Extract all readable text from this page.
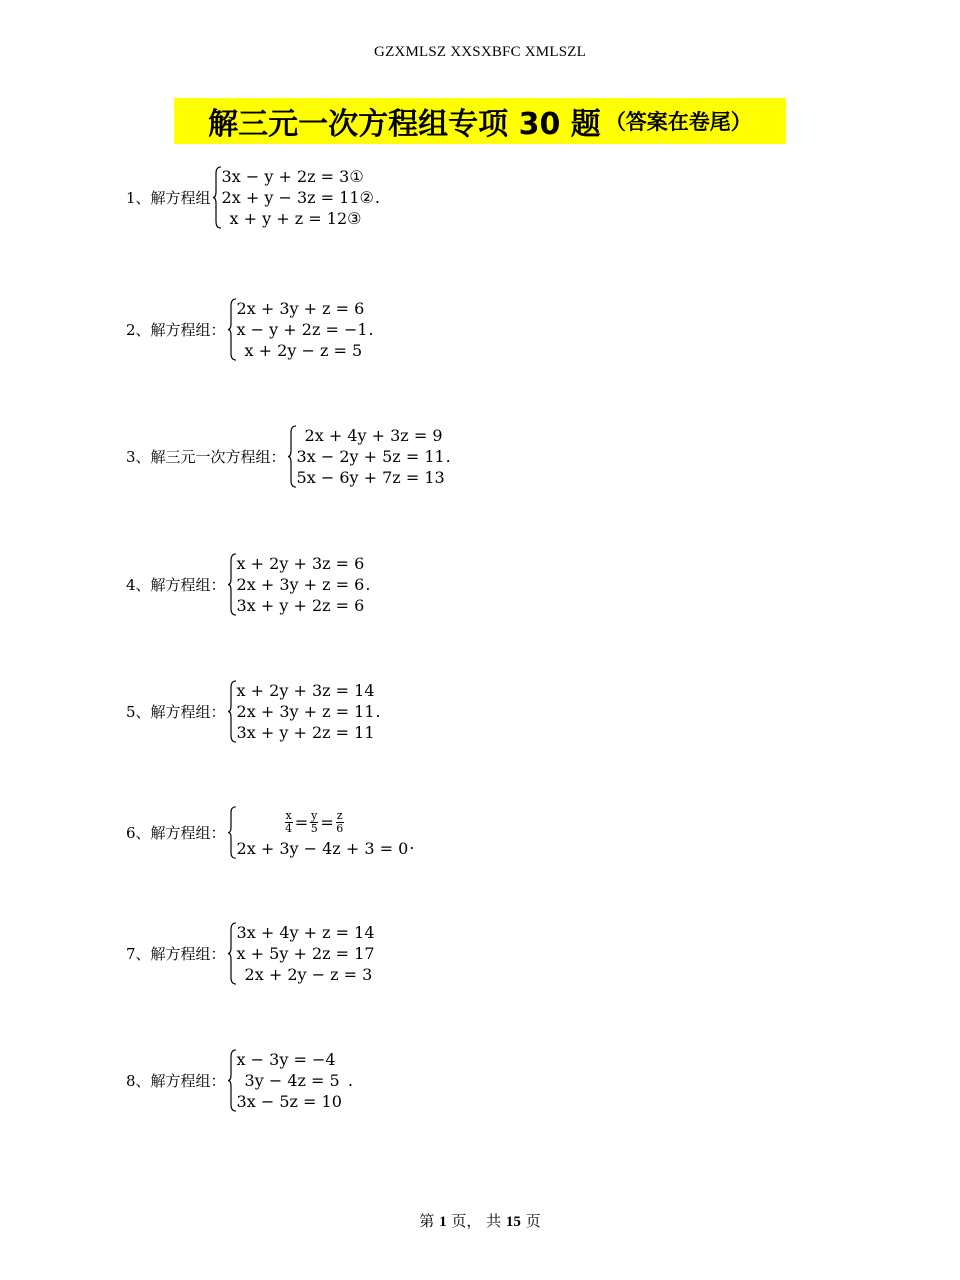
GZXMLSZ XXSXBFC XMLSZL
解三元一次方程组专项 30 题 （答案在卷尾）
1、解方程组
3x − y + 2z = 3①
2x + y − 3z = 11②
x + y + z = 12③
.
2、解方程组：
2x + 3y + z = 6
x − y + 2z = −1
x + 2y − z = 5
.
3、解三元一次方程组：
2x + 4y + 3z = 9
3x − 2y + 5z = 11
5x − 6y + 7z = 13
.
4、解方程组：
x + 2y + 3z = 6
2x + 3y + z = 6
3x + y + 2z = 6
.
5、解方程组：
x + 2y + 3z = 14
2x + 3y + z = 11
3x + y + 2z = 11
.
6、解方程组：	$\frac{x}{4} = \frac{y}{5} = \frac{z}{6}$
2x + 3y − 4z + 3 = 0 .
7、解方程组：
3x + 4y + z = 14
x + 5y + 2z = 17
2x + 2y − z = 3
8、解方程组：
x − 3y = −4
3y − 4z = 5
3x − 5z = 10
.
第 1 页， 共 15 页
